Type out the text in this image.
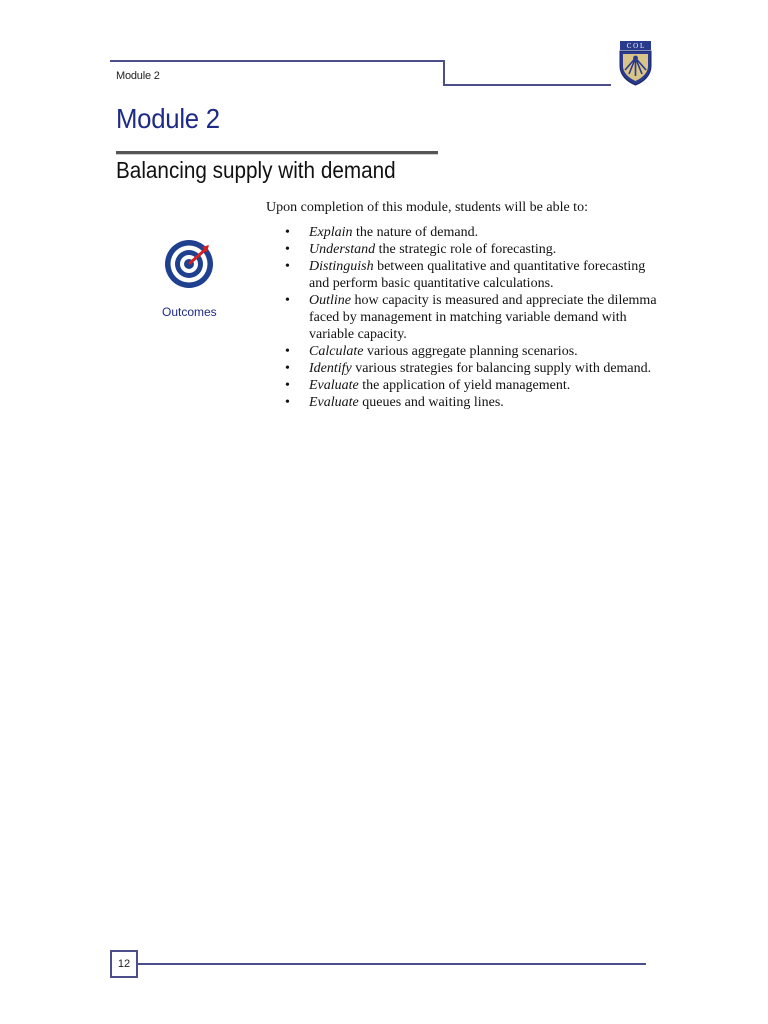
Module 2
C O L
Module 2
Balancing supply with demand
Outcomes
Upon completion of this module, students will be able to:
• Explain the nature of demand.
• Understand the strategic role of forecasting.
• Distinguish between qualitative and quantitative forecasting and perform basic quantitative calculations.
• Outline how capacity is measured and appreciate the dilemma faced by management in matching variable demand with variable capacity.
• Calculate various aggregate planning scenarios.
• Identify various strategies for balancing supply with demand.
• Evaluate the application of yield management.
• Evaluate queues and waiting lines.
12
